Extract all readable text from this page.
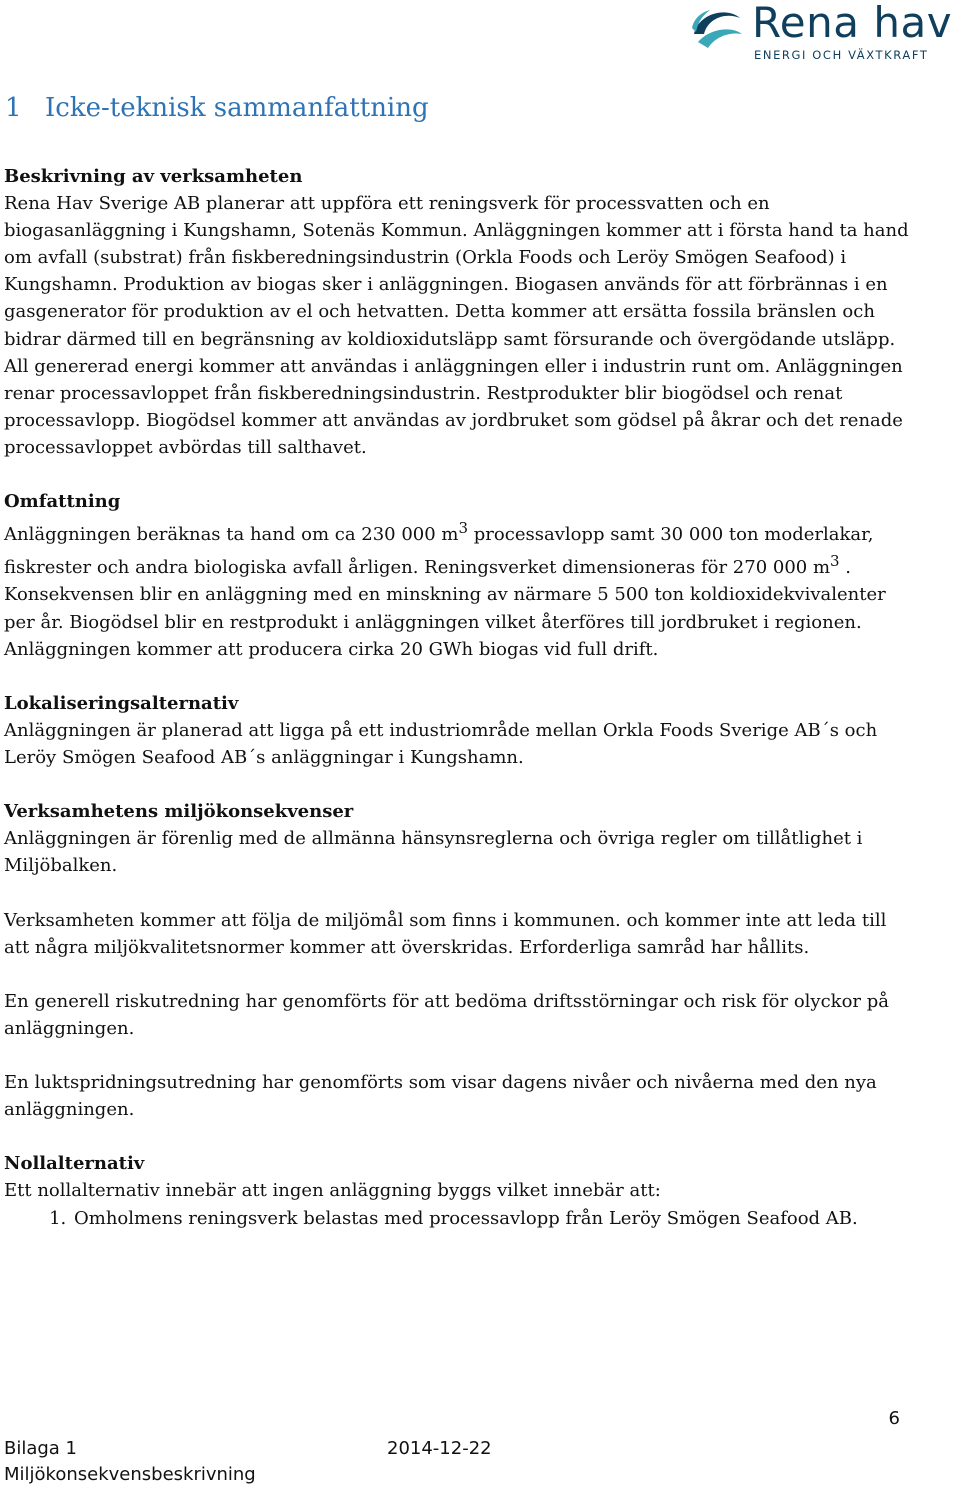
Rena hav
ENERGI OCH VÄXTKRAFT
1 Icke-teknisk sammanfattning

Beskrivning av verksamheten
Rena Hav Sverige AB planerar att uppföra ett reningsverk för processvatten och en biogasanläggning i Kungshamn, Sotenäs Kommun. Anläggningen kommer att i första hand ta hand om avfall (substrat) från fiskberedningsindustrin (Orkla Foods och Leröy Smögen Seafood) i Kungshamn. Produktion av biogas sker i anläggningen. Biogasen används för att förbrännas i en gasgenerator för produktion av el och hetvatten. Detta kommer att ersätta fossila bränslen och bidrar därmed till en begränsning av koldioxidutsläpp samt försurande och övergödande utsläpp. All genererad energi kommer att användas i anläggningen eller i industrin runt om. Anläggningen renar processavloppet från fiskberedningsindustrin. Restprodukter blir biogödsel och renat processavlopp. Biogödsel kommer att användas av jordbruket som gödsel på åkrar och det renade processavloppet avbördas till salthavet.

Omfattning
Anläggningen beräknas ta hand om ca 230 000 $m^3$ processavlopp samt 30 000 ton moderlakar, fiskrester och andra biologiska avfall årligen. Reningsverket dimensioneras för 270 000 $m^3$ . Konsekvensen blir en anläggning med en minskning av närmare 5 500 ton koldioxidekvivalenter per år. Biogödsel blir en restprodukt i anläggningen vilket återföres till jordbruket i regionen. Anläggningen kommer att producera cirka 20 GWh biogas vid full drift.

Lokaliseringsalternativ
Anläggningen är planerad att ligga på ett industriområde mellan Orkla Foods Sverige AB´s och Leröy Smögen Seafood AB´s anläggningar i Kungshamn.

Verksamhetens miljökonsekvenser
Anläggningen är förenlig med de allmänna hänsynsreglerna och övriga regler om tillåtlighet i Miljöbalken.

Verksamheten kommer att följa de miljömål som finns i kommunen. och kommer inte att leda till att några miljökvalitetsnormer kommer att överskridas. Erforderliga samråd har hållits.

En generell riskutredning har genomförts för att bedöma driftsstörningar och risk för olyckor på anläggningen.

En luktspridningsutredning har genomförts som visar dagens nivåer och nivåerna med den nya anläggningen.

Nollalternativ
Ett nollalternativ innebär att ingen anläggning byggs vilket innebär att:
1. Omholmens reningsverk belastas med processavlopp från Leröy Smögen Seafood AB.
6
Bilaga 1
Miljökonsekvensbeskrivning
2014-12-22
